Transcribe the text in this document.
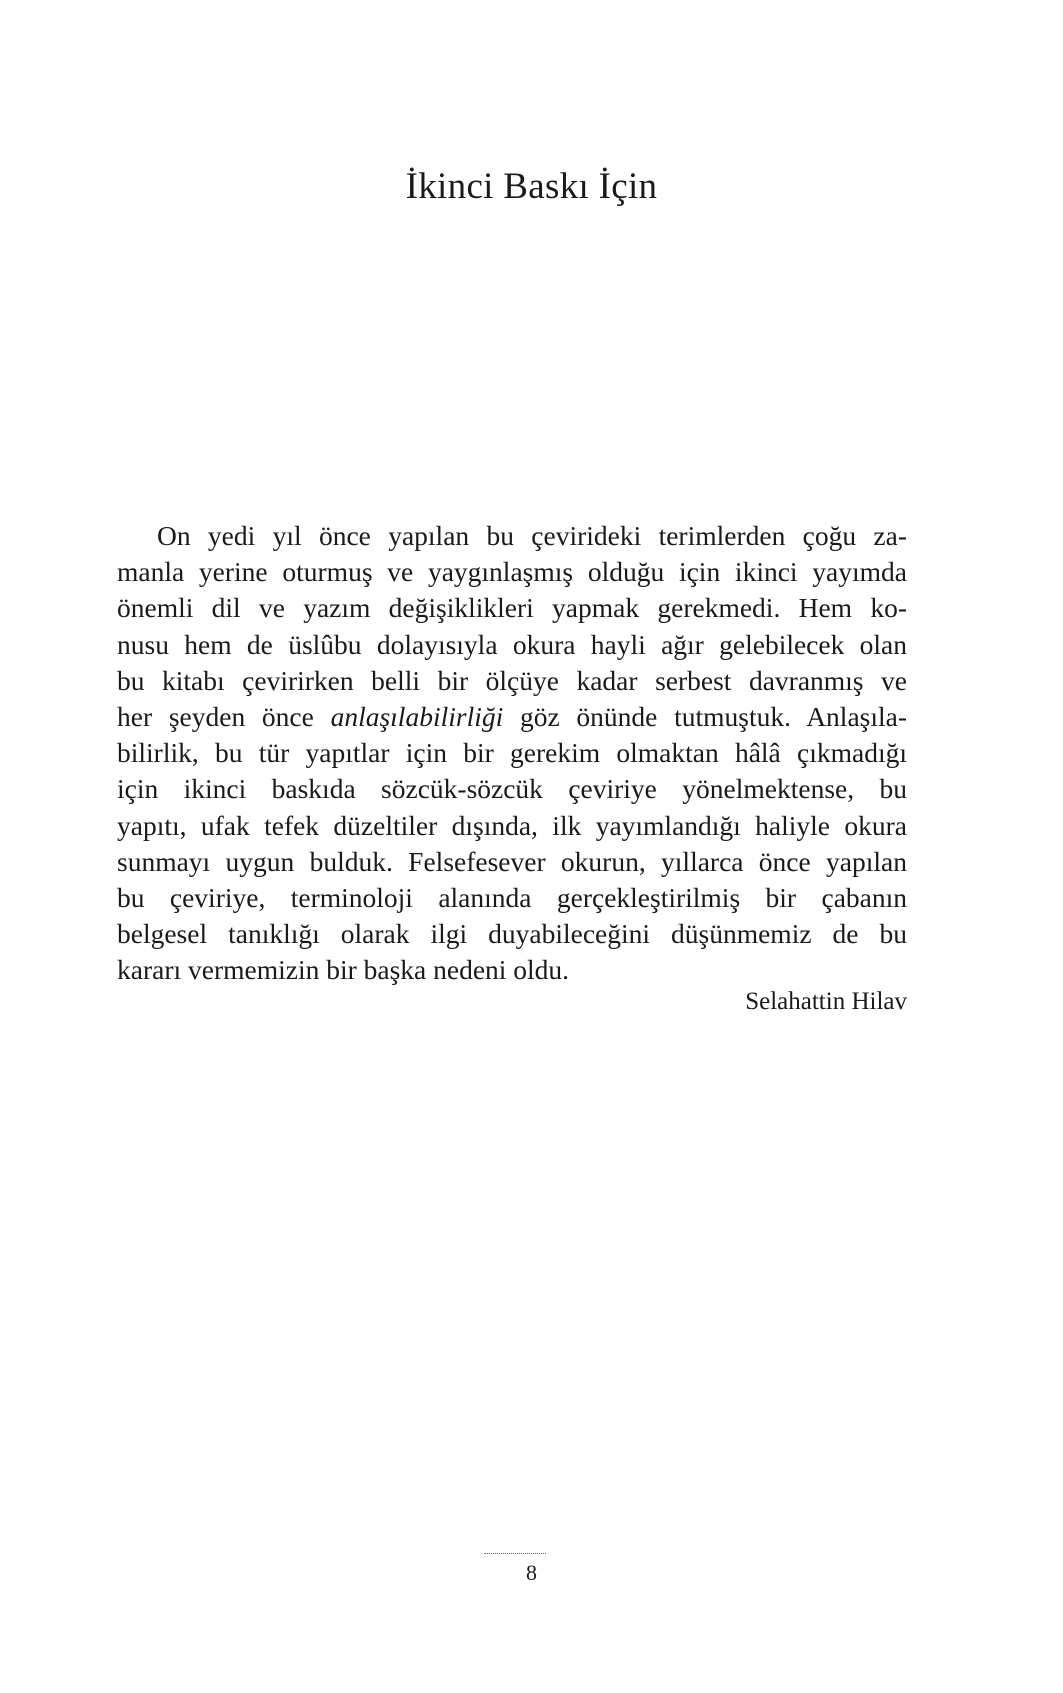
İkinci Baskı İçin
On yedi yıl önce yapılan bu çevirideki terimlerden çoğu za-
manla yerine oturmuş ve yaygınlaşmış olduğu için ikinci yayımda
önemli dil ve yazım değişiklikleri yapmak gerekmedi. Hem ko-
nusu hem de üslûbu dolayısıyla okura hayli ağır gelebilecek olan
bu kitabı çevirirken belli bir ölçüye kadar serbest davranmış ve
her şeyden önce anlaşılabilirliği göz önünde tutmuştuk. Anlaşıla-
bilirlik, bu tür yapıtlar için bir gerekim olmaktan hâlâ çıkmadığı
için ikinci baskıda sözcük-sözcük çeviriye yönelmektense, bu
yapıtı, ufak tefek düzeltiler dışında, ilk yayımlandığı haliyle okura
sunmayı uygun bulduk. Felsefesever okurun, yıllarca önce yapılan
bu çeviriye, terminoloji alanında gerçekleştirilmiş bir çabanın
belgesel tanıklığı olarak ilgi duyabileceğini düşünmemiz de bu
kararı vermemizin bir başka nedeni oldu.

Selahattin Hilav

8
